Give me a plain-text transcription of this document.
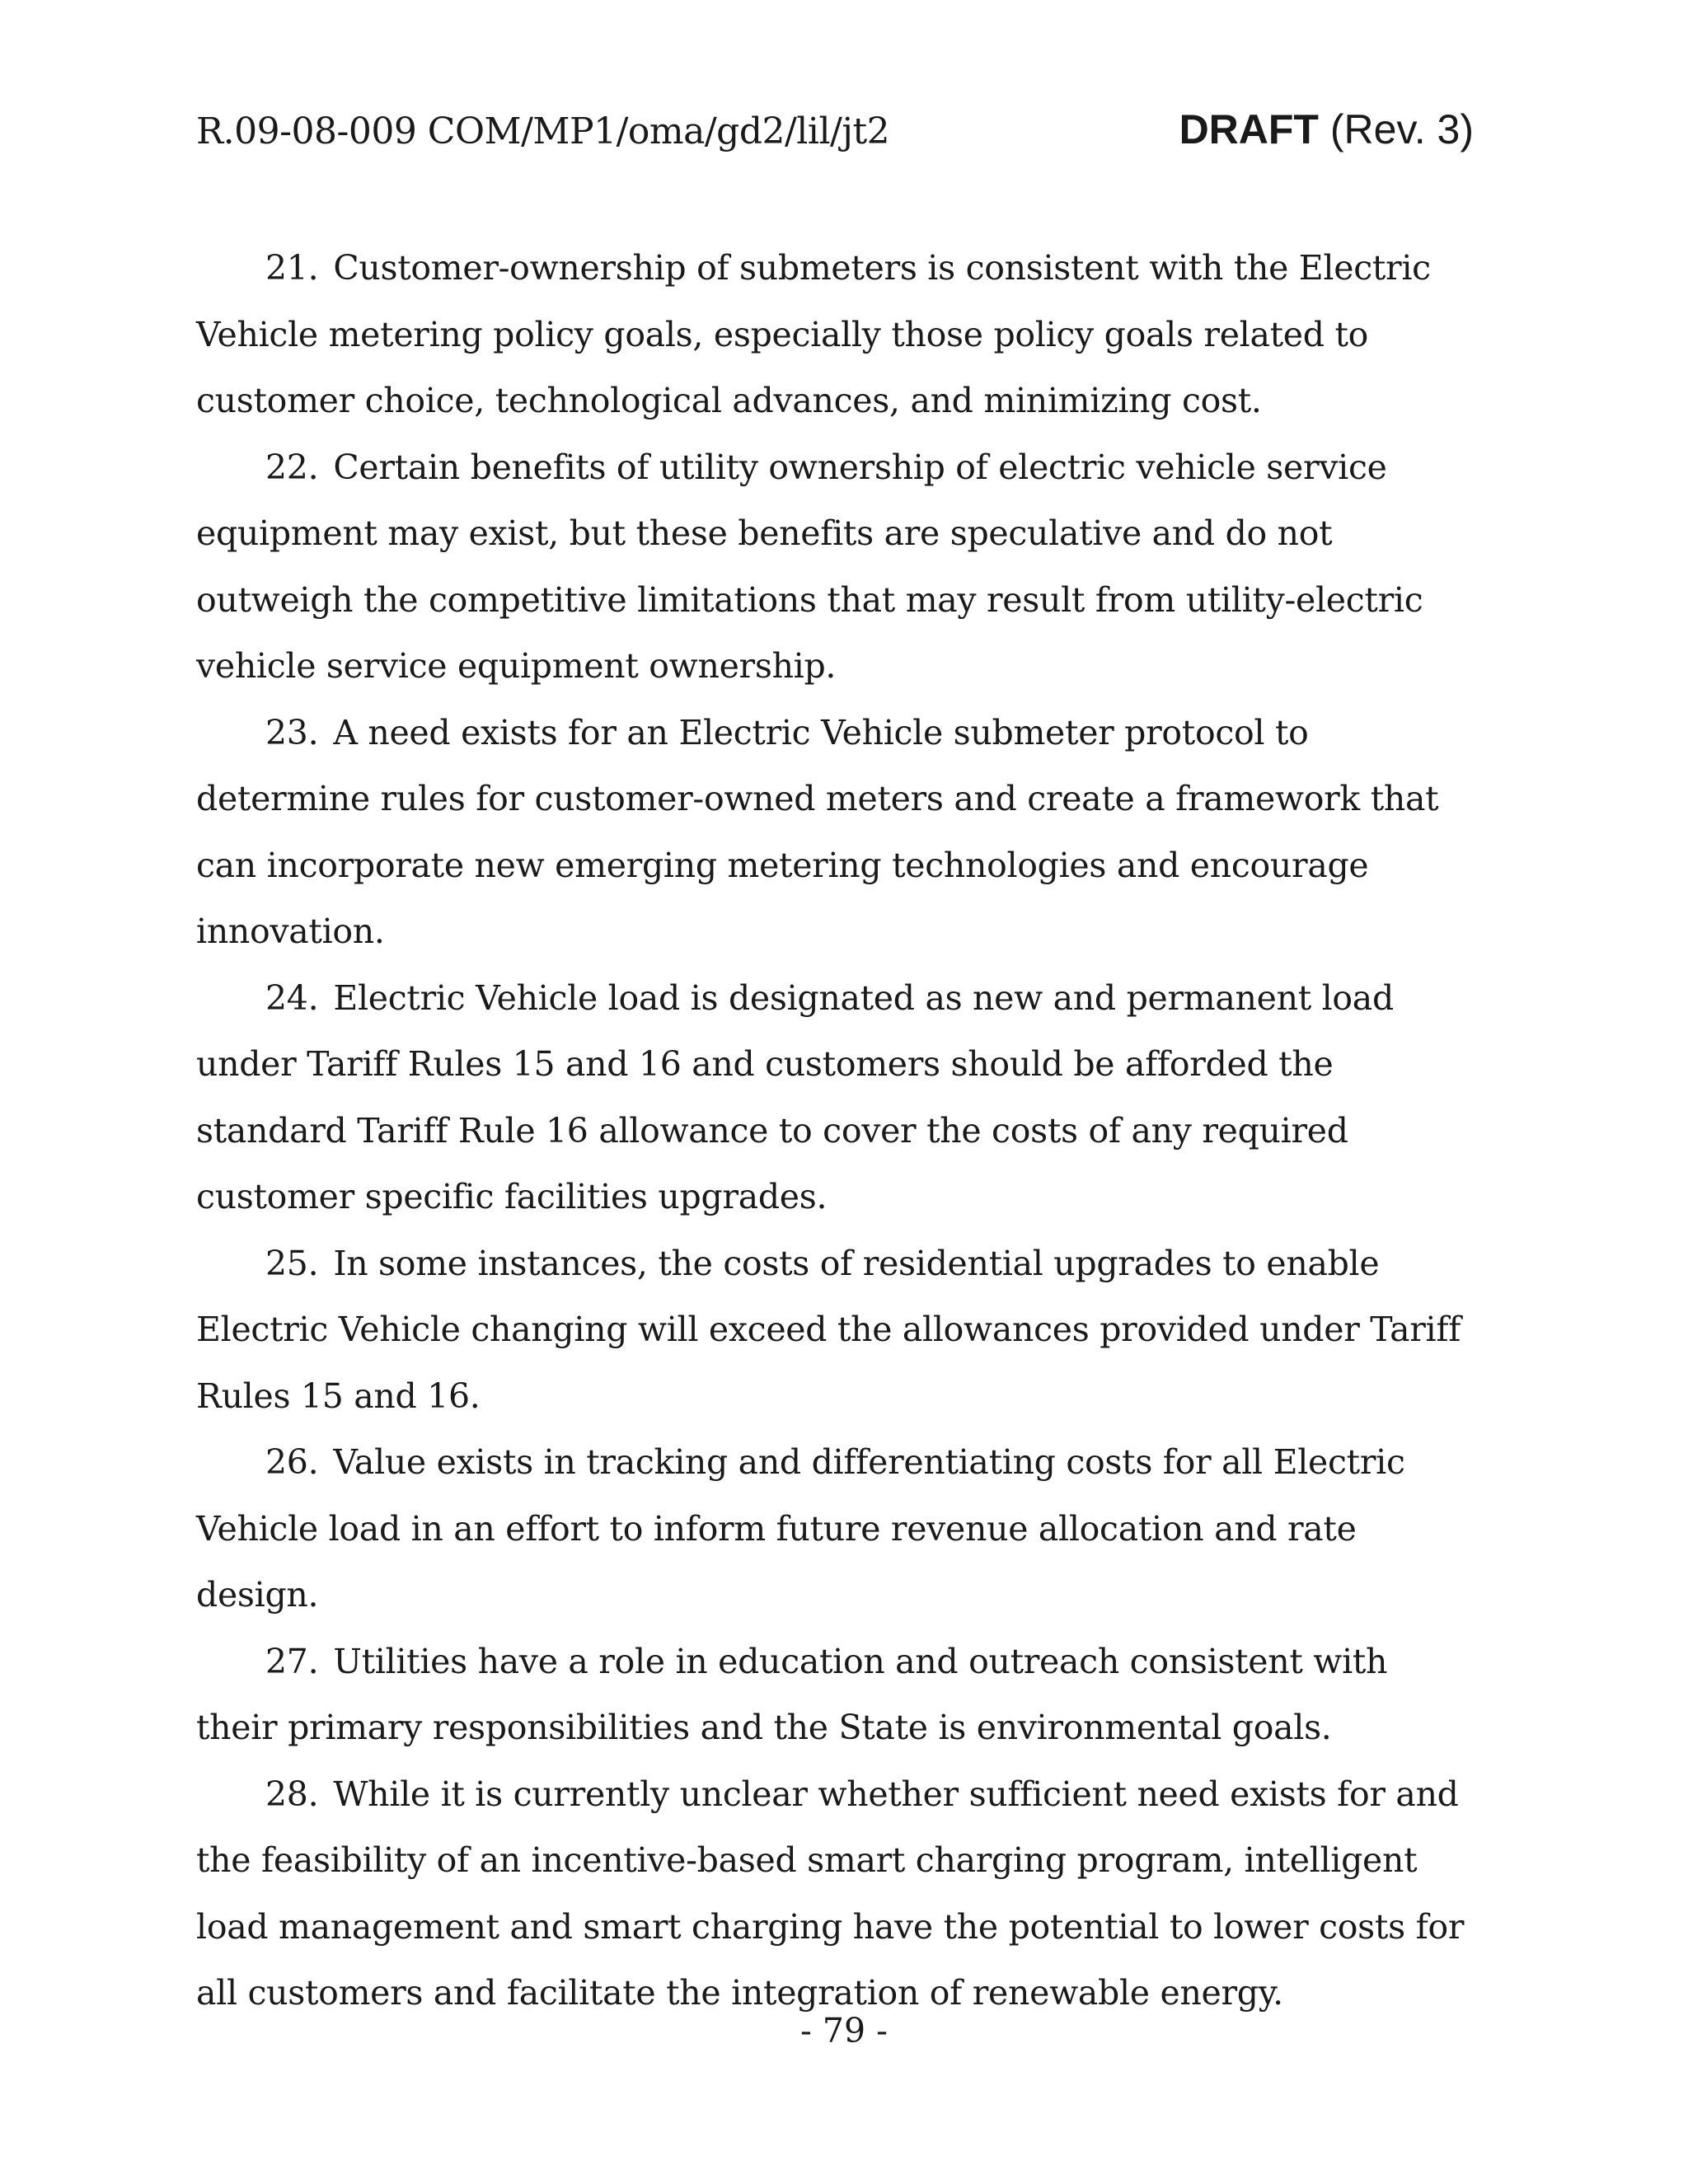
R.09-08-009 COM/MP1/oma/gd2/lil/jt2	DRAFT (Rev. 3)

21. Customer-ownership of submeters is consistent with the Electric Vehicle metering policy goals, especially those policy goals related to customer choice, technological advances, and minimizing cost.

22. Certain benefits of utility ownership of electric vehicle service equipment may exist, but these benefits are speculative and do not outweigh the competitive limitations that may result from utility-electric vehicle service equipment ownership.

23. A need exists for an Electric Vehicle submeter protocol to determine rules for customer-owned meters and create a framework that can incorporate new emerging metering technologies and encourage innovation.

24. Electric Vehicle load is designated as new and permanent load under Tariff Rules 15 and 16 and customers should be afforded the standard Tariff Rule 16 allowance to cover the costs of any required customer specific facilities upgrades.

25. In some instances, the costs of residential upgrades to enable Electric Vehicle changing will exceed the allowances provided under Tariff Rules 15 and 16.

26. Value exists in tracking and differentiating costs for all Electric Vehicle load in an effort to inform future revenue allocation and rate design.

27. Utilities have a role in education and outreach consistent with their primary responsibilities and the State is environmental goals.

28. While it is currently unclear whether sufficient need exists for and the feasibility of an incentive-based smart charging program, intelligent load management and smart charging have the potential to lower costs for all customers and facilitate the integration of renewable energy.

- 79 -
